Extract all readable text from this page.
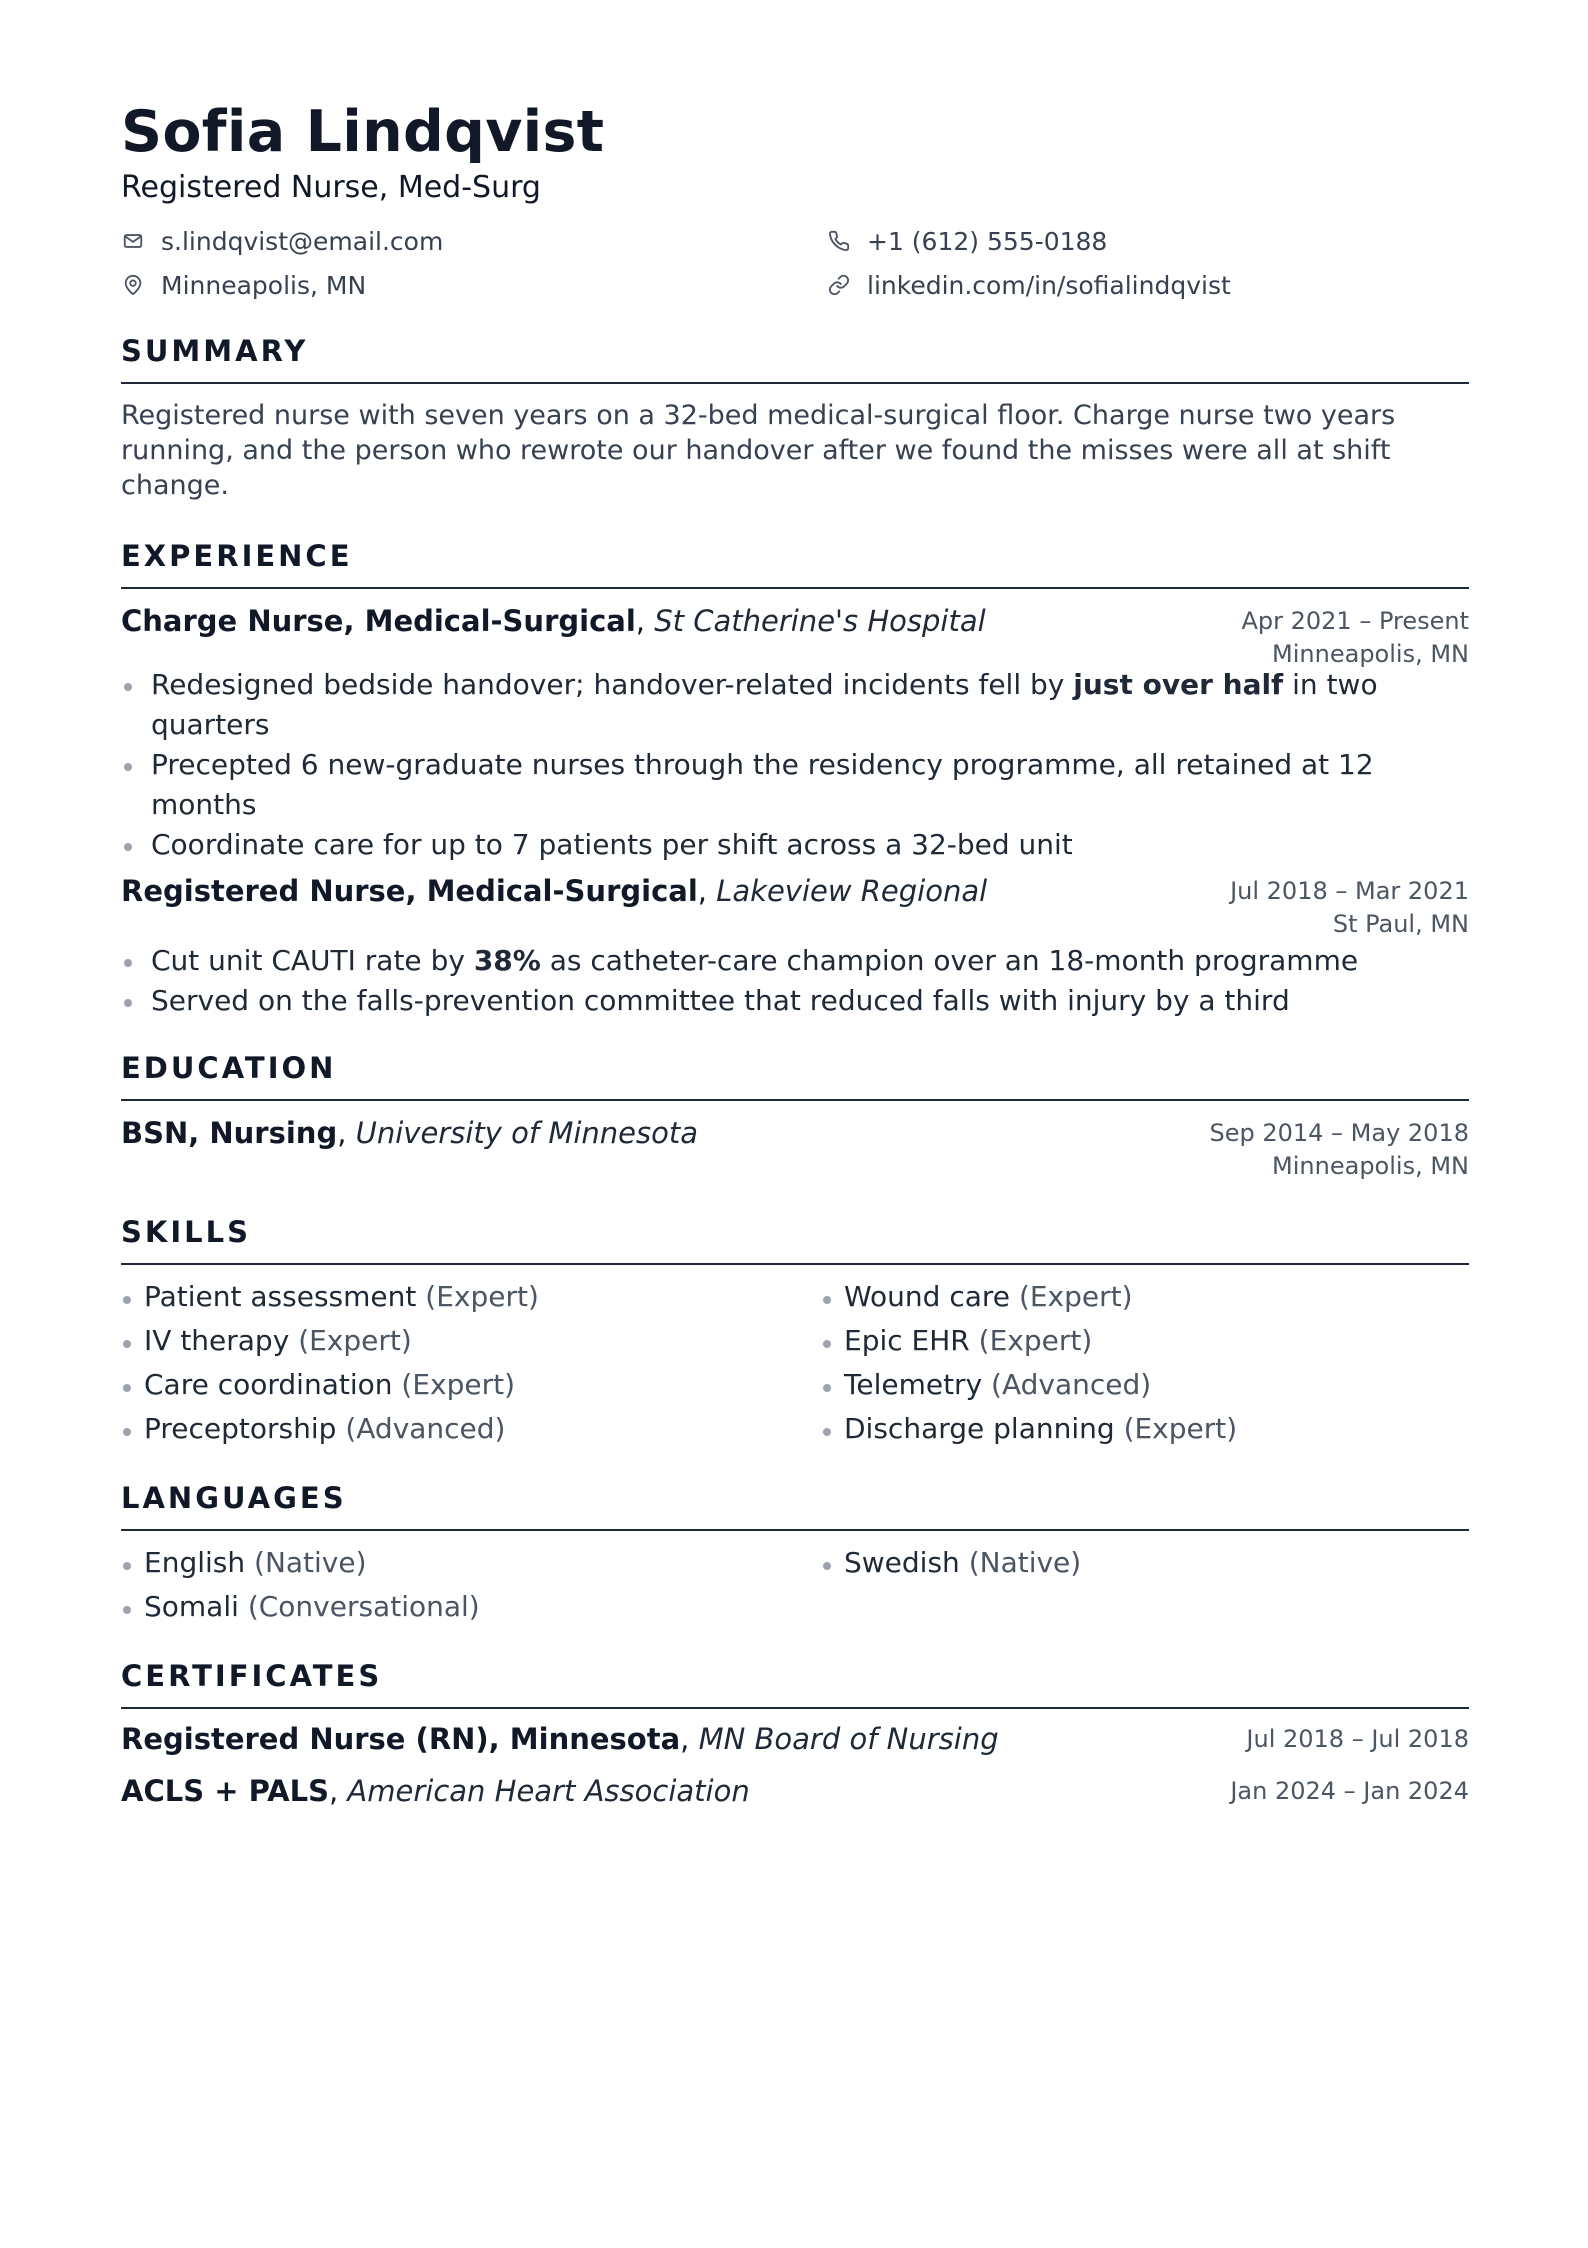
Sofia Lindqvist
Registered Nurse, Med-Surg
s.lindqvist@email.com	+1 (612) 555-0188
Minneapolis, MN	linkedin.com/in/sofialindqvist
SUMMARY
Registered nurse with seven years on a 32-bed medical-surgical floor. Charge nurse two years running, and the person who rewrote our handover after we found the misses were all at shift change.
EXPERIENCE
Charge Nurse, Medical-Surgical, St Catherine's Hospital	Apr 2021 – Present
Minneapolis, MN
Redesigned bedside handover; handover-related incidents fell by just over half in two quarters
Precepted 6 new-graduate nurses through the residency programme, all retained at 12 months
Coordinate care for up to 7 patients per shift across a 32-bed unit
Registered Nurse, Medical-Surgical, Lakeview Regional	Jul 2018 – Mar 2021
St Paul, MN
Cut unit CAUTI rate by 38% as catheter-care champion over an 18-month programme
Served on the falls-prevention committee that reduced falls with injury by a third
EDUCATION
BSN, Nursing, University of Minnesota	Sep 2014 – May 2018
Minneapolis, MN
SKILLS
Patient assessment (Expert)	Wound care (Expert)
IV therapy (Expert)	Epic EHR (Expert)
Care coordination (Expert)	Telemetry (Advanced)
Preceptorship (Advanced)	Discharge planning (Expert)
LANGUAGES
English (Native)	Swedish (Native)
Somali (Conversational)
CERTIFICATES
Registered Nurse (RN), Minnesota, MN Board of Nursing	Jul 2018 – Jul 2018
ACLS + PALS, American Heart Association	Jan 2024 – Jan 2024
